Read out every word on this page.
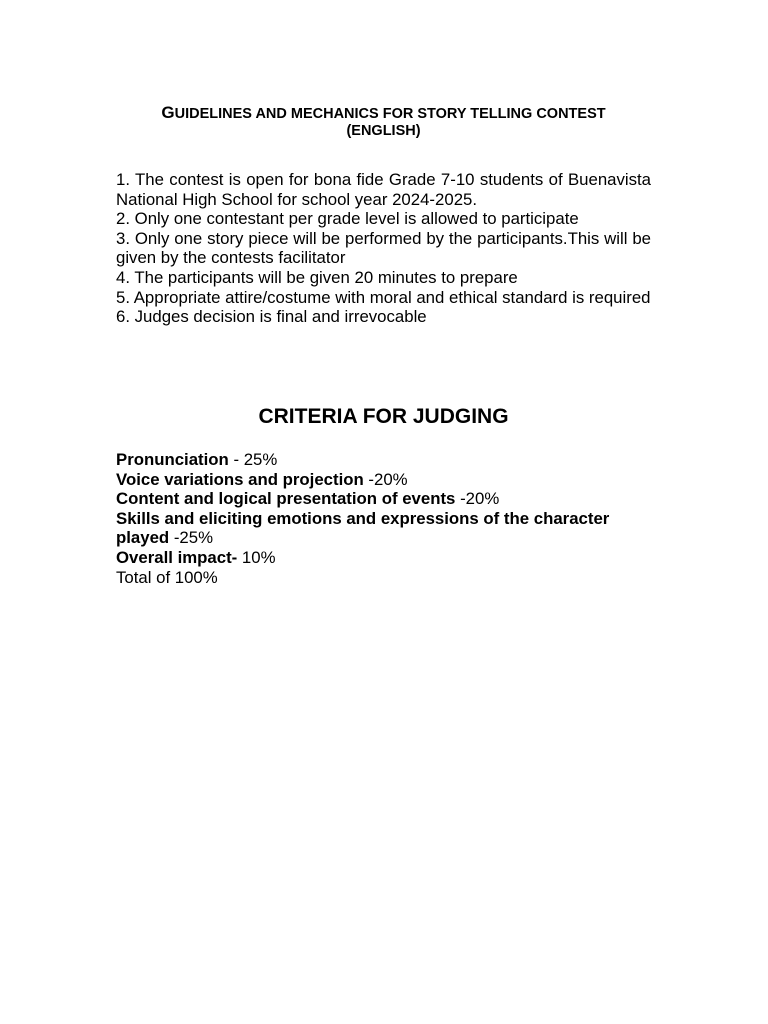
GUIDELINES AND MECHANICS FOR STORY TELLING CONTEST
(ENGLISH)
1. The contest is open for bona fide Grade 7-10 students of Buenavista National High School for school year 2024-2025.
2. Only one contestant per grade level is allowed to participate
3. Only one story piece will be performed by the participants.This will be given by the contests facilitator
4. The participants will be given 20 minutes to prepare
5. Appropriate attire/costume with moral and ethical standard is required
6. Judges decision is final and irrevocable
CRITERIA FOR JUDGING
Pronunciation - 25%
Voice variations and projection -20%
Content and logical presentation of events -20%
Skills and eliciting emotions and expressions of the character played -25%
Overall impact- 10%
Total of 100%
